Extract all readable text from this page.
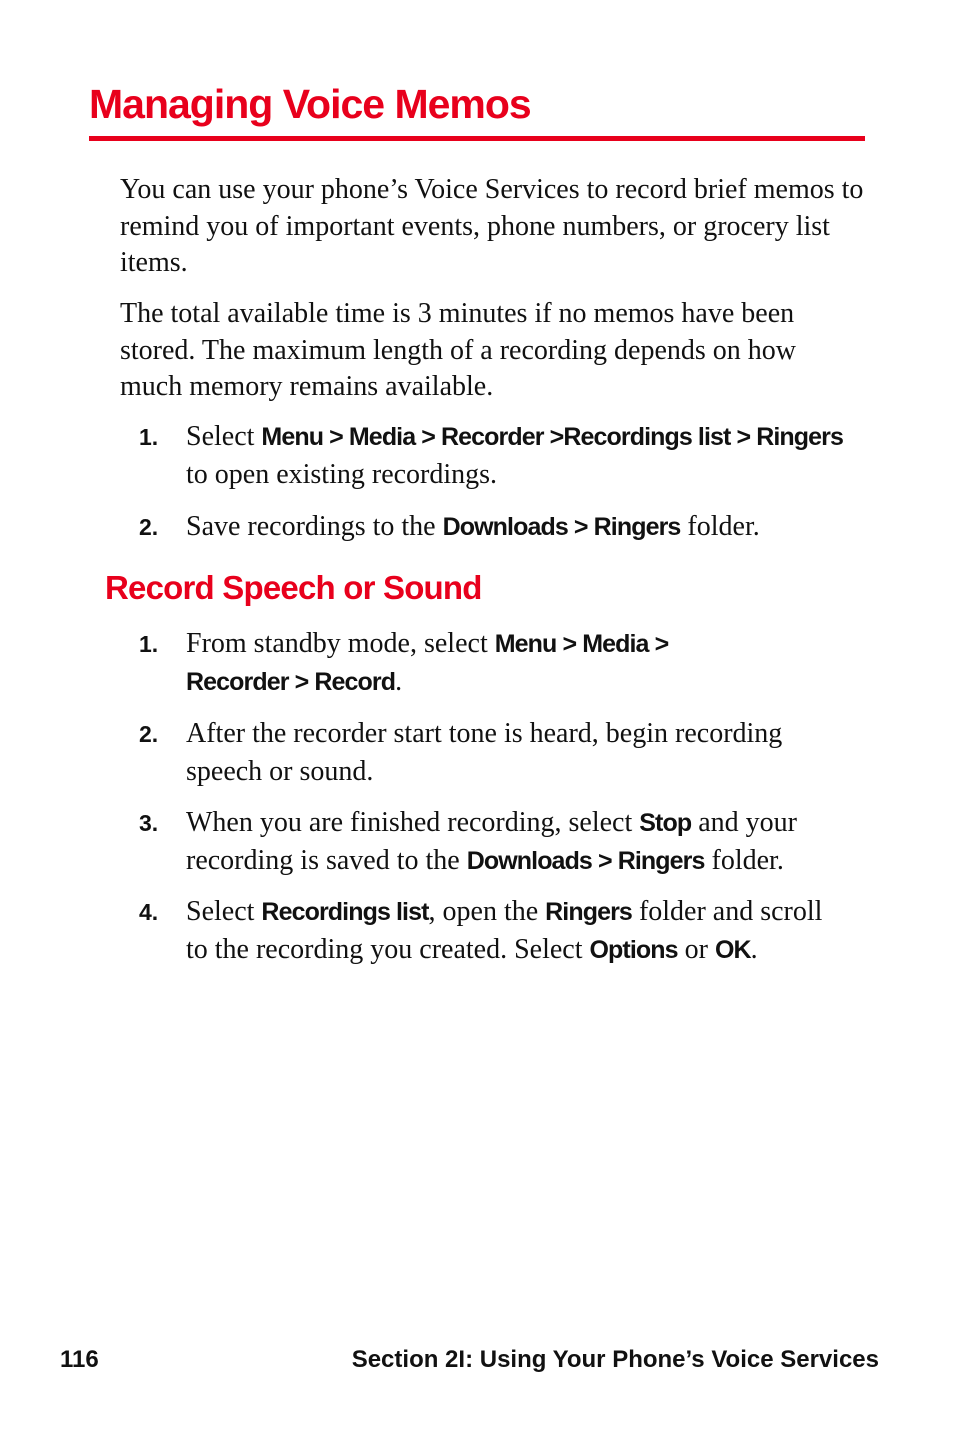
Managing Voice Memos

You can use your phone’s Voice Services to record brief memos to remind you of important events, phone numbers, or grocery list items.

The total available time is 3 minutes if no memos have been stored. The maximum length of a recording depends on how much memory remains available.

1. Select Menu > Media > Recorder >Recordings list > Ringers to open existing recordings.
2. Save recordings to the Downloads > Ringers folder.
Record Speech or Sound
1. From standby mode, select Menu > Media > Recorder > Record.
2. After the recorder start tone is heard, begin recording speech or sound.
3. When you are finished recording, select Stop and your recording is saved to the Downloads > Ringers folder.
4. Select Recordings list, open the Ringers folder and scroll to the recording you created. Select Options or OK.
116	Section 2I: Using Your Phone’s Voice Services
